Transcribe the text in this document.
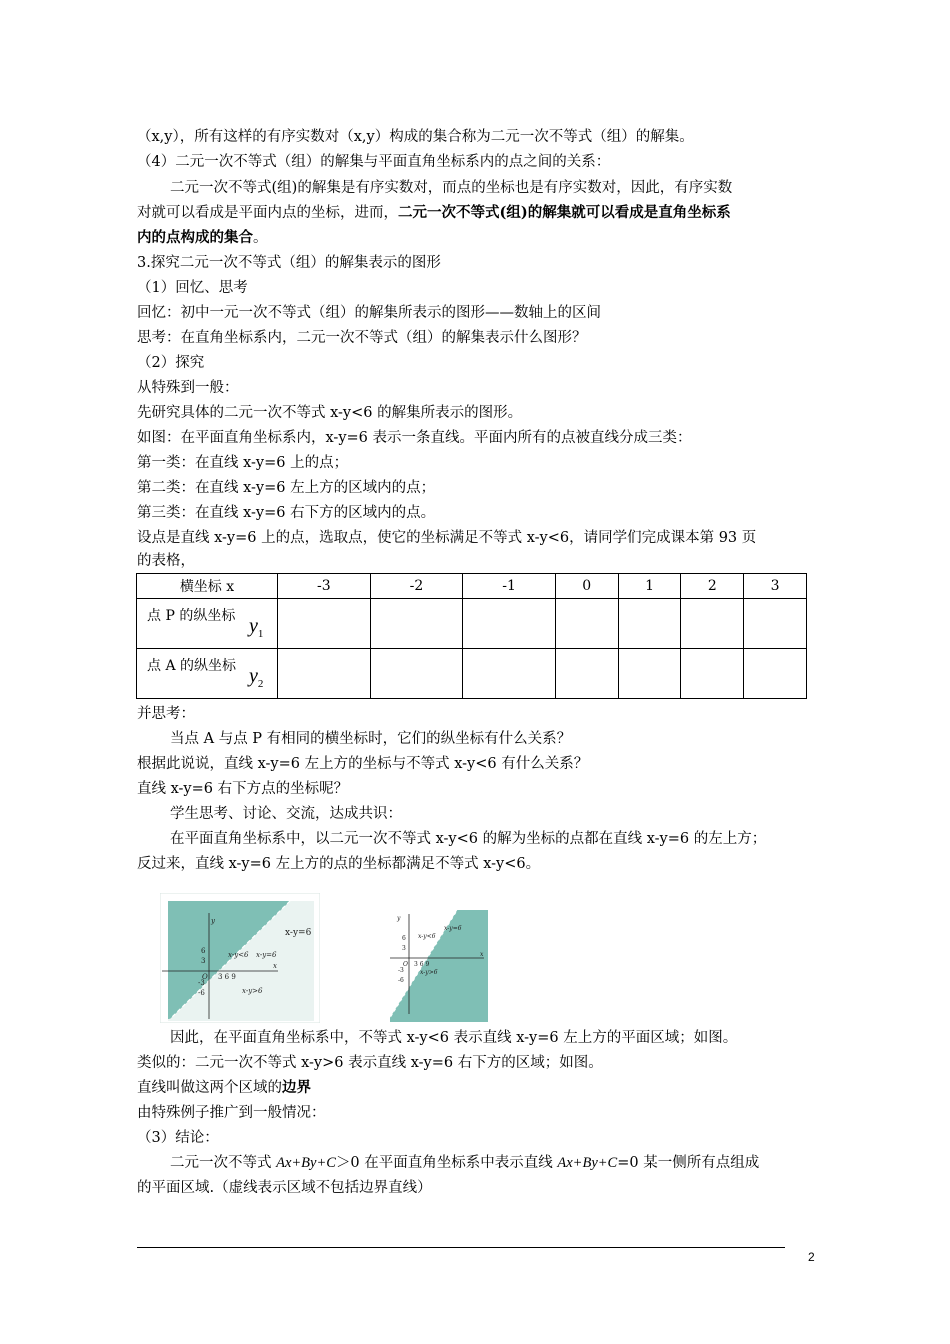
（x,y），所有这样的有序实数对（x,y）构成的集合称为二元一次不等式（组）的解集。
（4）二元一次不等式（组）的解集与平面直角坐标系内的点之间的关系：
二元一次不等式(组)的解集是有序实数对，而点的坐标也是有序实数对，因此，有序实数
对就可以看成是平面内点的坐标，进而，二元一次不等式(组)的解集就可以看成是直角坐标系
内的点构成的集合。
3.探究二元一次不等式（组）的解集表示的图形
（1）回忆、思考
回忆：初中一元一次不等式（组）的解集所表示的图形——数轴上的区间
思考：在直角坐标系内，二元一次不等式（组）的解集表示什么图形？
（2）探究
从特殊到一般：
先研究具体的二元一次不等式 x-y<6 的解集所表示的图形。
如图：在平面直角坐标系内，x-y=6 表示一条直线。平面内所有的点被直线分成三类：
第一类：在直线 x-y=6 上的点；
第二类：在直线 x-y=6 左上方的区域内的点；
第三类：在直线 x-y=6 右下方的区域内的点。
设点是直线 x-y=6 上的点，选取点，使它的坐标满足不等式 x-y<6，请同学们完成课本第 93 页
的表格，
横坐标 x	-3	-2	-1	0	1	2	3

点 P 的纵坐标 $y_1$

点 A 的纵坐标 $y_2$

并思考：
当点 A 与点 P 有相同的横坐标时，它们的纵坐标有什么关系？
根据此说说，直线 x-y=6 左上方的坐标与不等式 x-y<6 有什么关系？
直线 x-y=6 右下方点的坐标呢？
学生思考、讨论、交流，达成共识：
在平面直角坐标系中，以二元一次不等式 x-y<6 的解为坐标的点都在直线 x-y=6 的左上方；
反过来，直线 x-y=6 左上方的点的坐标都满足不等式 x-y<6。
y
x
O
6
3
-3
-6
3 6 9
x-y=6
x-y<6 x-y=6
x-y>6
y
x
O
6
3
-3
-6
3 6 9
x-y<6
x-y=6
x-y>6
因此，在平面直角坐标系中，不等式 x-y<6 表示直线 x-y=6 左上方的平面区域；如图。
类似的：二元一次不等式 x-y>6 表示直线 x-y=6 右下方的区域；如图。
直线叫做这两个区域的边界
由特殊例子推广到一般情况：
（3）结论：
二元一次不等式 Ax+By+C＞0 在平面直角坐标系中表示直线 Ax+By+C=0 某一侧所有点组成
的平面区域.（虚线表示区域不包括边界直线）
2
